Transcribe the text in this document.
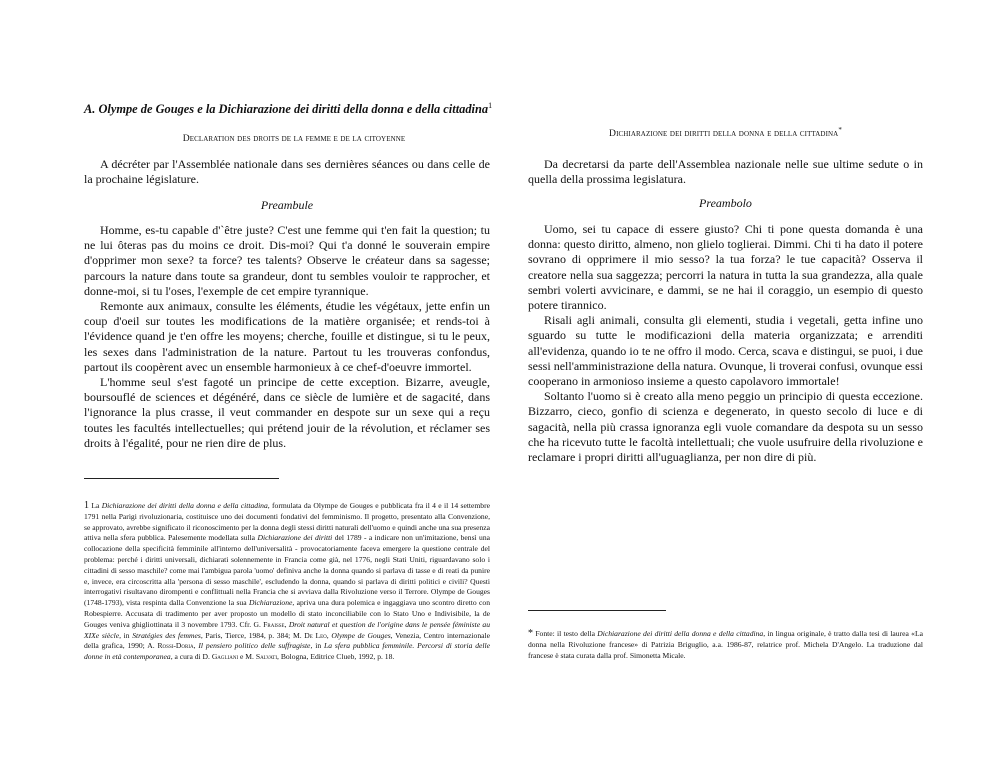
A. Olympe de Gouges e la Dichiarazione dei diritti della donna e della cittadina$^1$
Declaration des droits de la femme e de la citoyenne

A décréter par l'Assemblée nationale dans ses dernières séances ou dans celle de la prochaine législature.

Preambule

Homme, es-tu capable d'`être juste? C'est une femme qui t'en fait la question; tu ne lui ôteras pas du moins ce droit. Dis-moi? Qui t'a donné le souverain empire d'opprimer mon sexe? ta force? tes talents? Observe le créateur dans sa sagesse; parcours la nature dans toute sa grandeur, dont tu sembles vouloir te rapprocher, et donne-moi, si tu l'oses, l'exemple de cet empire tyrannique.

Remonte aux animaux, consulte les éléments, étudie les végétaux, jette enfin un coup d'oeil sur toutes les modifications de la matière organisée; et rends-toi à l'évidence quand je t'en offre les moyens; cherche, fouille et distingue, si tu le peux, les sexes dans l'administration de la nature. Partout tu les trouveras confondus, partout ils coopèrent avec un ensemble harmonieux à ce chef-d'oeuvre immortel.

L'homme seul s'est fagoté un principe de cette exception. Bizarre, aveugle, boursouflé de sciences et dégénéré, dans ce siècle de lumière et de sagacité, dans l'ignorance la plus crasse, il veut commander en despote sur un sexe qui a reçu toutes les facultés intellectuelles; qui prétend jouir de la révolution, et réclamer ses droits à l'égalité, pour ne rien dire de plus.

1 La Dichiarazione dei diritti della donna e della cittadina, formulata da Olympe de Gouges e pubblicata fra il 4 e il 14 settembre 1791 nella Parigi rivoluzionaria, costituisce uno dei documenti fondativi del femminismo. Il progetto, presentato alla Convenzione, se approvato, avrebbe significato il riconoscimento per la donna degli stessi diritti naturali dell'uomo e quindi anche una sua presenza attiva nella sfera pubblica. Palesemente modellata sulla Dichiarazione dei diritti del 1789 - a indicare non un'imitazione, bensì una collocazione della specificità femminile all'interno dell'universalità - provocatoriamente faceva emergere la questione centrale del problema: perché i diritti universali, dichiarati solennemente in Francia come già, nel 1776, negli Stati Uniti, riguardavano solo i cittadini di sesso maschile? come mai l'ambigua parola 'uomo' definiva anche la donna quando si parlava di tasse e di reati da punire e, invece, era circoscritta alla 'persona di sesso maschile', escludendo la donna, quando si parlava di diritti politici e civili? Questi interrogativi risultavano dirompenti e conflittuali nella Francia che si avviava dalla Rivoluzione verso il Terrore. Olympe de Gouges (1748-1793), vista respinta dalla Convenzione la sua Dichiarazione, apriva una dura polemica e ingaggiava uno scontro diretto con Robespierre. Accusata di tradimento per aver proposto un modello di stato inconciliabile con lo Stato Uno e Indivisibile, la de Gouges veniva ghigliottinata il 3 novembre 1793. Cfr. G. Fraisse, Droit natural et question de l'origine dans le pensée féministe au XIXe siècle, in Stratégies des femmes, Paris, Tierce, 1984, p. 384; M. De Leo, Olympe de Gouges, Venezia, Centro internazionale della grafica, 1990; A. Rossi-Doria, Il pensiero politico delle suffragiste, in La sfera pubblica femminile. Percorsi di storia delle donne in età contemporanea, a cura di D. Gagliani e M. Salvati, Bologna, Editrice Clueb, 1992, p. 18.
Dichiarazione dei diritti della donna e della cittadina*

Da decretarsi da parte dell'Assemblea nazionale nelle sue ultime sedute o in quella della prossima legislatura.

Preambolo

Uomo, sei tu capace di essere giusto? Chi ti pone questa domanda è una donna: questo diritto, almeno, non glielo toglierai. Dimmi. Chi ti ha dato il potere sovrano di opprimere il mio sesso? la tua forza? le tue capacità? Osserva il creatore nella sua saggezza; percorri la natura in tutta la sua grandezza, alla quale sembri volerti avvicinare, e dammi, se ne hai il coraggio, un esempio di questo potere tirannico.

Risali agli animali, consulta gli elementi, studia i vegetali, getta infine uno sguardo su tutte le modificazioni della materia organizzata; e arrenditi all'evidenza, quando io te ne offro il modo. Cerca, scava e distingui, se puoi, i due sessi nell'amministrazione della natura. Ovunque, li troverai confusi, ovunque essi cooperano in armonioso insieme a questo capolavoro immortale!

Soltanto l'uomo si è creato alla meno peggio un principio di questa eccezione. Bizzarro, cieco, gonfio di scienza e degenerato, in questo secolo di luce e di sagacità, nella più crassa ignoranza egli vuole comandare da despota su un sesso che ha ricevuto tutte le facoltà intellettuali; che vuole usufruire della rivoluzione e reclamare i propri diritti all'uguaglianza, per non dire di più.

* Fonte: il testo della Dichiarazione dei diritti della donna e della cittadina, in lingua originale, è tratto dalla tesi di laurea «La donna nella Rivoluzione francese» di Patrizia Briguglio, a.a. 1986-87, relatrice prof. Michela D'Angelo. La traduzione dal francese è stata curata dalla prof. Simonetta Micale.
